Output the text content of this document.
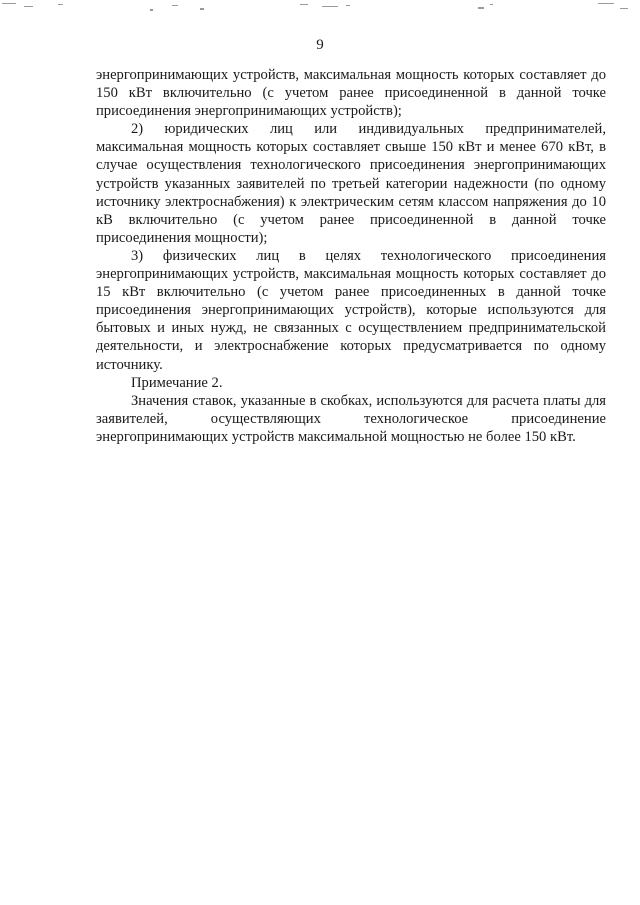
9

энергопринимающих устройств, максимальная мощность которых составляет до 150 кВт включительно (с учетом ранее присоединенной в данной точке присоединения энергопринимающих устройств);

2) юридических лиц или индивидуальных предпринимателей, максимальная мощность которых составляет свыше 150 кВт и менее 670 кВт, в случае осуществления технологического присоединения энергопринимающих устройств указанных заявителей по третьей категории надежности (по одному источнику электроснабжения) к электрическим сетям классом напряжения до 10 кВ включительно (с учетом ранее присоединенной в данной точке присоединения мощности);

3) физических лиц в целях технологического присоединения энергопринимающих устройств, максимальная мощность которых составляет до 15 кВт включительно (с учетом ранее присоединенных в данной точке присоединения энергопринимающих устройств), которые используются для бытовых и иных нужд, не связанных с осуществлением предпринимательской деятельности, и электроснабжение которых предусматривается по одному источнику.

Примечание 2.

Значения ставок, указанные в скобках, используются для расчета платы для заявителей, осуществляющих технологическое присоединение энергопринимающих устройств максимальной мощностью не более 150 кВт.
